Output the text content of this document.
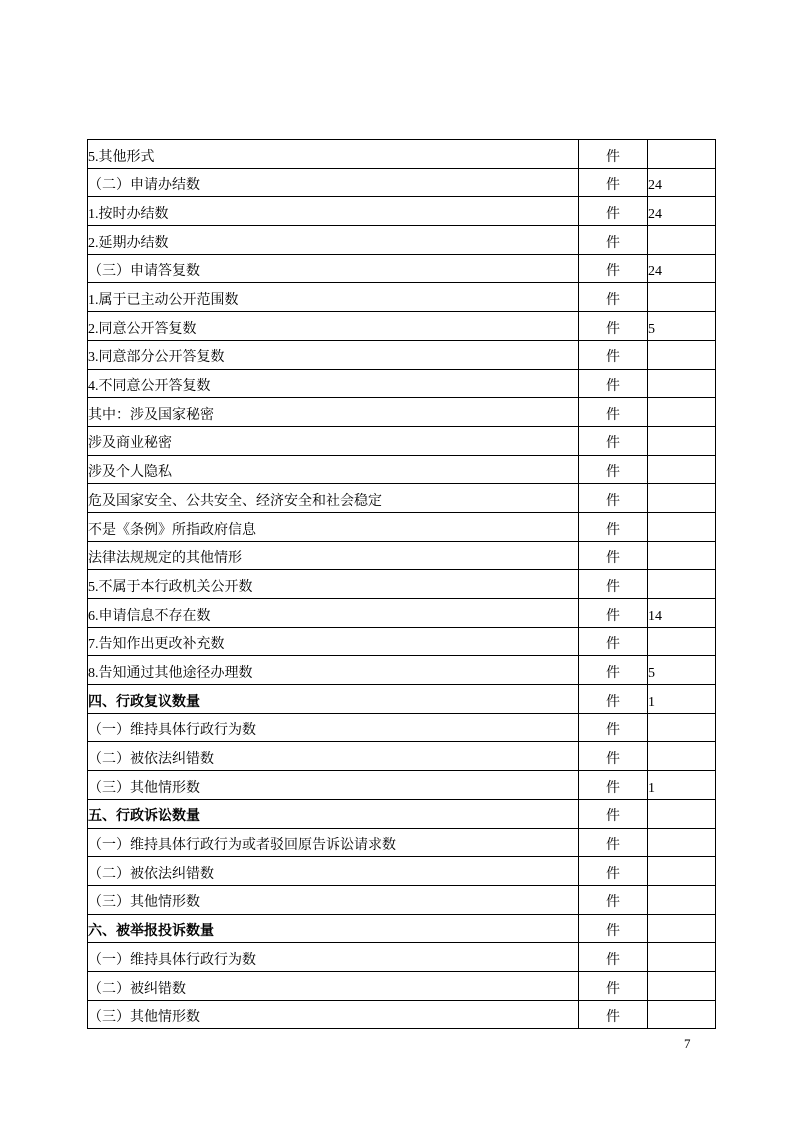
5.其他形式	件	
（二）申请办结数	件	24
1.按时办结数	件	24
2.延期办结数	件	
（三）申请答复数	件	24
1.属于已主动公开范围数	件	
2.同意公开答复数	件	5
3.同意部分公开答复数	件	
4.不同意公开答复数	件	
其中：涉及国家秘密	件	
涉及商业秘密	件	
涉及个人隐私	件	
危及国家安全、公共安全、经济安全和社会稳定	件	
不是《条例》所指政府信息	件	
法律法规规定的其他情形	件	
5.不属于本行政机关公开数	件	
6.申请信息不存在数	件	14
7.告知作出更改补充数	件	
8.告知通过其他途径办理数	件	5
四、行政复议数量	件	1
（一）维持具体行政行为数	件	
（二）被依法纠错数	件	
（三）其他情形数	件	1
五、行政诉讼数量	件	
（一）维持具体行政行为或者驳回原告诉讼请求数	件	
（二）被依法纠错数	件	
（三）其他情形数	件	
六、被举报投诉数量	件	
（一）维持具体行政行为数	件	
（二）被纠错数	件	
（三）其他情形数	件	
7
